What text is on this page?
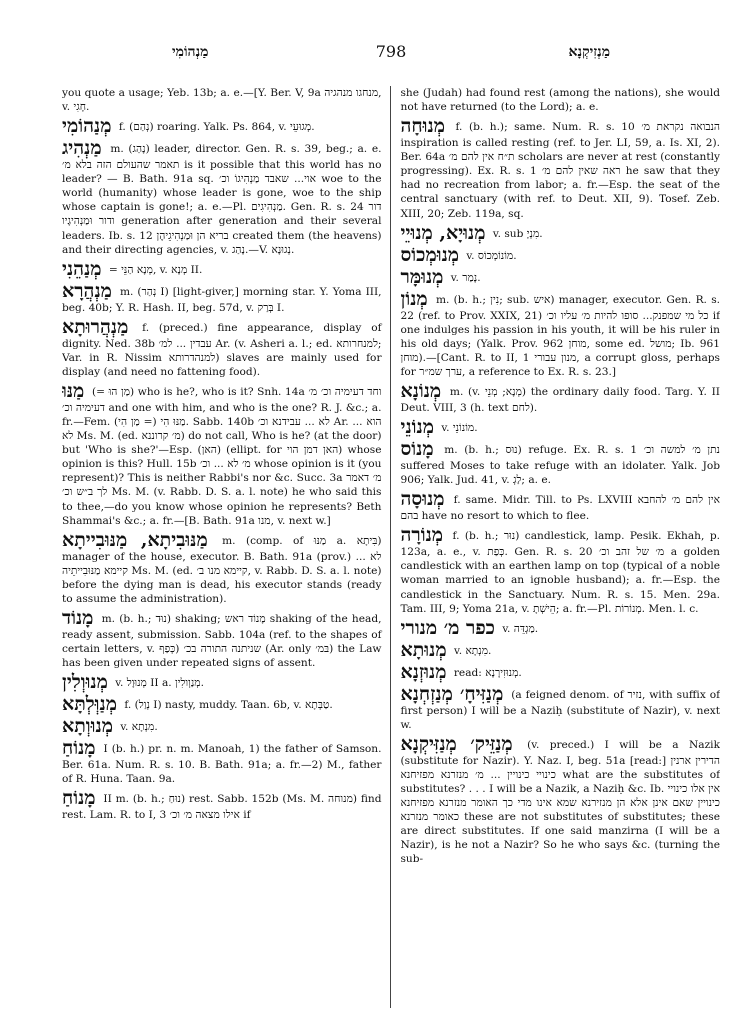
מַנְהוֹמִי	798	מַנְזִיקְנָא

you quote a usage; Yeb. 13b; a. e.—[Y. Ber. V, 9a מנחגו מנהגיה, v. חָגִי.

מְנַהוֹמִי f. (נְהַם) roaring. Yalk. Ps. 864, v. מְגוּעֵי.

מַנְהִיג m. (נָהַג) leader, director. Gen. R. s. 39, beg.; a. e. תאמר שהעולם הזה בלא מ׳ is it possible that this world has no leader? — B. Bath. 91a sq. אוי... שאבד מַנְהִיגוֹ וכ׳ woe to the world (humanity) whose leader is gone, woe to the ship whose captain is gone!; a. e.—Pl. מַנְהִיגִים. Gen. R. s. 24 דור ודור וּמַנְהִיגָיו generation after generation and their several leaders. Ib. s. 12 בריא הן וּמַנְהִיגֵיהֶן created them (the heavens) and their directing agencies, v. נָהַג.—V. נְגוּנָא.

מְנַהֵנִי = מְנָא הַנֵּי, v. מְנָא II.

מַנְהֲרָא m. (נְהַר I) [light-giver,] morning star. Y. Yoma III, beg. 40b; Y. R. Hash. II, beg. 57d, v. בְּרַק I.

מַנְהֲרוּתָא f. (preced.) fine appearance, display of dignity. Ned. 38b עבדין ... למ׳ Ar. (v. Asheri a. l.; ed. למנחרותא; Var. in R. Nissim למנהדרותא) slaves are mainly used for display (and need no fattening food).

מַנּוּ (= מַן הוּ) who is he?, who is it? Snh. 14a וחד דעימיה וכ׳ מ׳ דעימיה וכ׳ and one with him, and who is the one? R. J. &c.; a. fr.—Fem. מַנּוּ הִי (= מַן הִי). Sabb. 140b לא ... עבידנא וכ׳ Ar. הוא ... לא Ms. M. (ed. מ׳ קרוננא) do not call, Who is he? (at the door) but 'Who is she?'—Esp. (האן) (ellipt. for האן דמן הוי) whose opinion is this? Hull. 15b מ׳ לא ... וכ׳ whose opinion is it (you represent)? This is neither Rabbi's nor &c. Succ. 3a מ׳ דאמר לך ב״ש וכ׳ Ms. M. (v. Rabb. D. S. a. l. note) he who said this to thee,—do you know whose opinion he represents? Beth Shammai's &c.; a. fr.—[B. Bath. 91a מנו, v. next w.]

מַנּוּבִיתָא, מַנּוּבִייתָא m. (comp. of מַנּוּ a. בִּיתָא) manager of the house, executor. B. Bath. 91a (prov.) לא ... קיימא מַנּוּבִייתֵיה Ms. M. (ed. קיימא מנו ב׳, v. Rabb. D. S. a. l. note) before the dying man is dead, his executor stands (ready to assume the administration).

מָנוֹד m. (b. h.; נוּד) shaking; מָנוֹד ראש shaking of the head, ready assent, submission. Sabb. 104a (ref. to the shapes of certain letters, v. כְּפַף) שניתנה התורה בכ׳ (Ar. only בּמ׳) the Law has been given under repeated signs of assent.

מְנוּוְלִין v. מְנוּוָל II a. מְנַוְולִין.

מְנַוְּלְתָּא f. (נְוַל I) nasty, muddy. Taan. 6b, v. טַבְּתָא.

מְנוּוְתָא v. מִנְתָא.

מָנוֹחַ I (b. h.) pr. n. m. Manoah, 1) the father of Samson. Ber. 61a. Num. R. s. 10. B. Bath. 91a; a. fr.—2) M., father of R. Huna. Taan. 9a.

מָנוֹחַ II m. (b. h.; נוּחַ) rest. Sabb. 152b (Ms. M. מנוחה) find rest. Lam. R. to I, 3 אילו מצאה מ׳ וכ׳ if

she (Judah) had found rest (among the nations), she would not have returned (to the Lord); a. e.

מְנוּחָה f. (b. h.); same. Num. R. s. 10 הנבואה נקראת מ׳ inspiration is called resting (ref. to Jer. LI, 59, a. Is. XI, 2). Ber. 64a ת״ח אין להם מ׳ scholars are never at rest (constantly progressing). Ex. R. s. 1 ראה שאין להם מ׳ he saw that they had no recreation from labor; a. fr.—Esp. the seat of the central sanctuary (with ref. to Deut. XII, 9). Tosef. Zeb. XIII, 20; Zeb. 119a, sq.

מְנוּיָא, מְנוּיֵי v. sub מִנְיָ.

מְנוּמְכוֹס v. מוֹנוֹמְכוֹס.

מְנוּמָּר v. נָמַר.

מְנוֹן m. (b. h.; נִין; sub. איש) manager, executor. Gen. R. s. 22 (ref. to Prov. XXIX, 21) כל מי שמפנק... סופו להיות מ׳ עליו וכ׳ if one indulges his passion in his youth, it will be his ruler in his old days; (Yalk. Prov. 962 מוחן, some ed. מושל; Ib. 961 מוחן).—[Cant. R. to II, 1 מנון עבורי, a corrupt gloss, perhaps for ערך שמ״ר, a reference to Ex. R. s. 23.]

מְנוֹנָא m. (v. מְנָא; מְנֵי) the ordinary daily food. Targ. Y. II Deut. VIII, 3 (h. text לחם).

מְנוֹנֵי v. מוֹנוֹנֵי.

מָנוֹס m. (b. h.; נוּס) refuge. Ex. R. s. 1 נתן מ׳ למשה וכ׳ suffered Moses to take refuge with an idolater. Yalk. Job 906; Yalk. Jud. 41, v. לַגְ; a. e.

מְנוּסָה f. same. Midr. Till. to Ps. LXVIII אין להם מ׳ להחבא בהם have no resort to which to flee.

מְנוֹרָה f. (b. h.; נוּר) candlestick, lamp. Pesik. Ekhah, p. 123a, a. e., v. כְּפַת. Gen. R. s. 20 מ׳ של זהב וכ׳ a golden candlestick with an earthen lamp on top (typical of a noble woman married to an ignoble husband); a. fr.—Esp. the candlestick in the Sanctuary. Num. R. s. 15. Men. 29a. Tam. III, 9; Yoma 21a, v. הֵישְׁתָ; a. fr.—Pl. מְנוֹרוֹת. Men. l. c.

כפר מ׳ מנורי v. מַגְדֵּה.

מְנוּתָא v. מִנְתָא.

מְנוּזְנָא read: מְנוּזִירָנָא.

מְנַזִּיחָ׳ מְנַזְחְנָא (a feigned denom. of נזיר, with suffix of first person) I will be a Naziḥ (substitute of Nazir), v. next w.

מְנַזֵּיק׳ מְנַזִּיקְנָא (v. preced.) I will be a Nazik (substitute for Nazir). Y. Naz. I, beg. 51a [read:] הדירין ארנין כינויי כינויין ... מ׳ מנזרנא מפזיחנא what are the substitutes of substitutes? . . . I will be a Nazik, a Naziḥ &c. Ib. אין אלו כינויי כינויין שאם אינן אלא הן מנזירנא שמא אינו מדי כך האומר מנזרנא מפזיחנא כאומר מנזרנא these are not substitutes of substitutes; these are direct substitutes. If one said manzirna (I will be a Nazir), is he not a Nazir? So he who says &c. (turning the sub-
